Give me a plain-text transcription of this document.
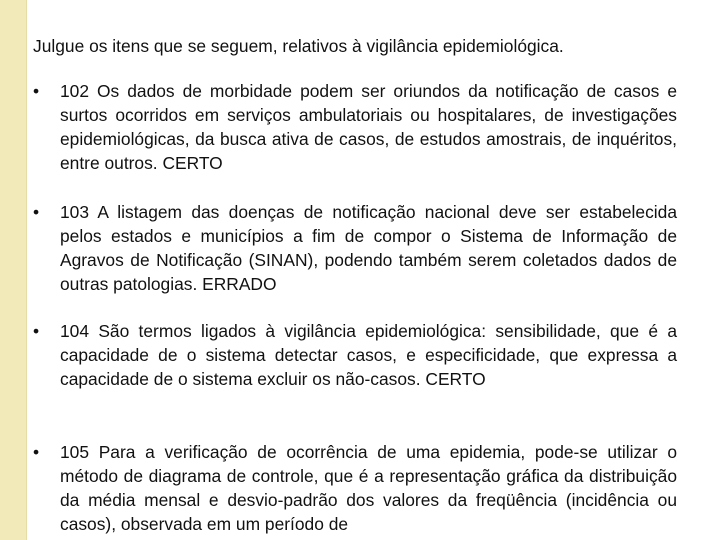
Julgue os itens que se seguem, relativos à vigilância epidemiológica.
•	102 Os dados de morbidade podem ser oriundos da notificação de casos e surtos ocorridos em serviços ambulatoriais ou hospitalares, de investigações epidemiológicas, da busca ativa de casos, de estudos amostrais, de inquéritos, entre outros. CERTO
•	103 A listagem das doenças de notificação nacional deve ser estabelecida pelos estados e municípios a fim de compor o Sistema de Informação de Agravos de Notificação (SINAN), podendo também serem coletados dados de outras patologias. ERRADO
•	104 São termos ligados à vigilância epidemiológica: sensibilidade, que é a capacidade de o sistema detectar casos, e especificidade, que expressa a capacidade de o sistema excluir os não-casos. CERTO
•	105 Para a verificação de ocorrência de uma epidemia, pode-se utilizar o método de diagrama de controle, que é a representação gráfica da distribuição da média mensal e desvio-padrão dos valores da freqüência (incidência ou casos), observada em um período de
